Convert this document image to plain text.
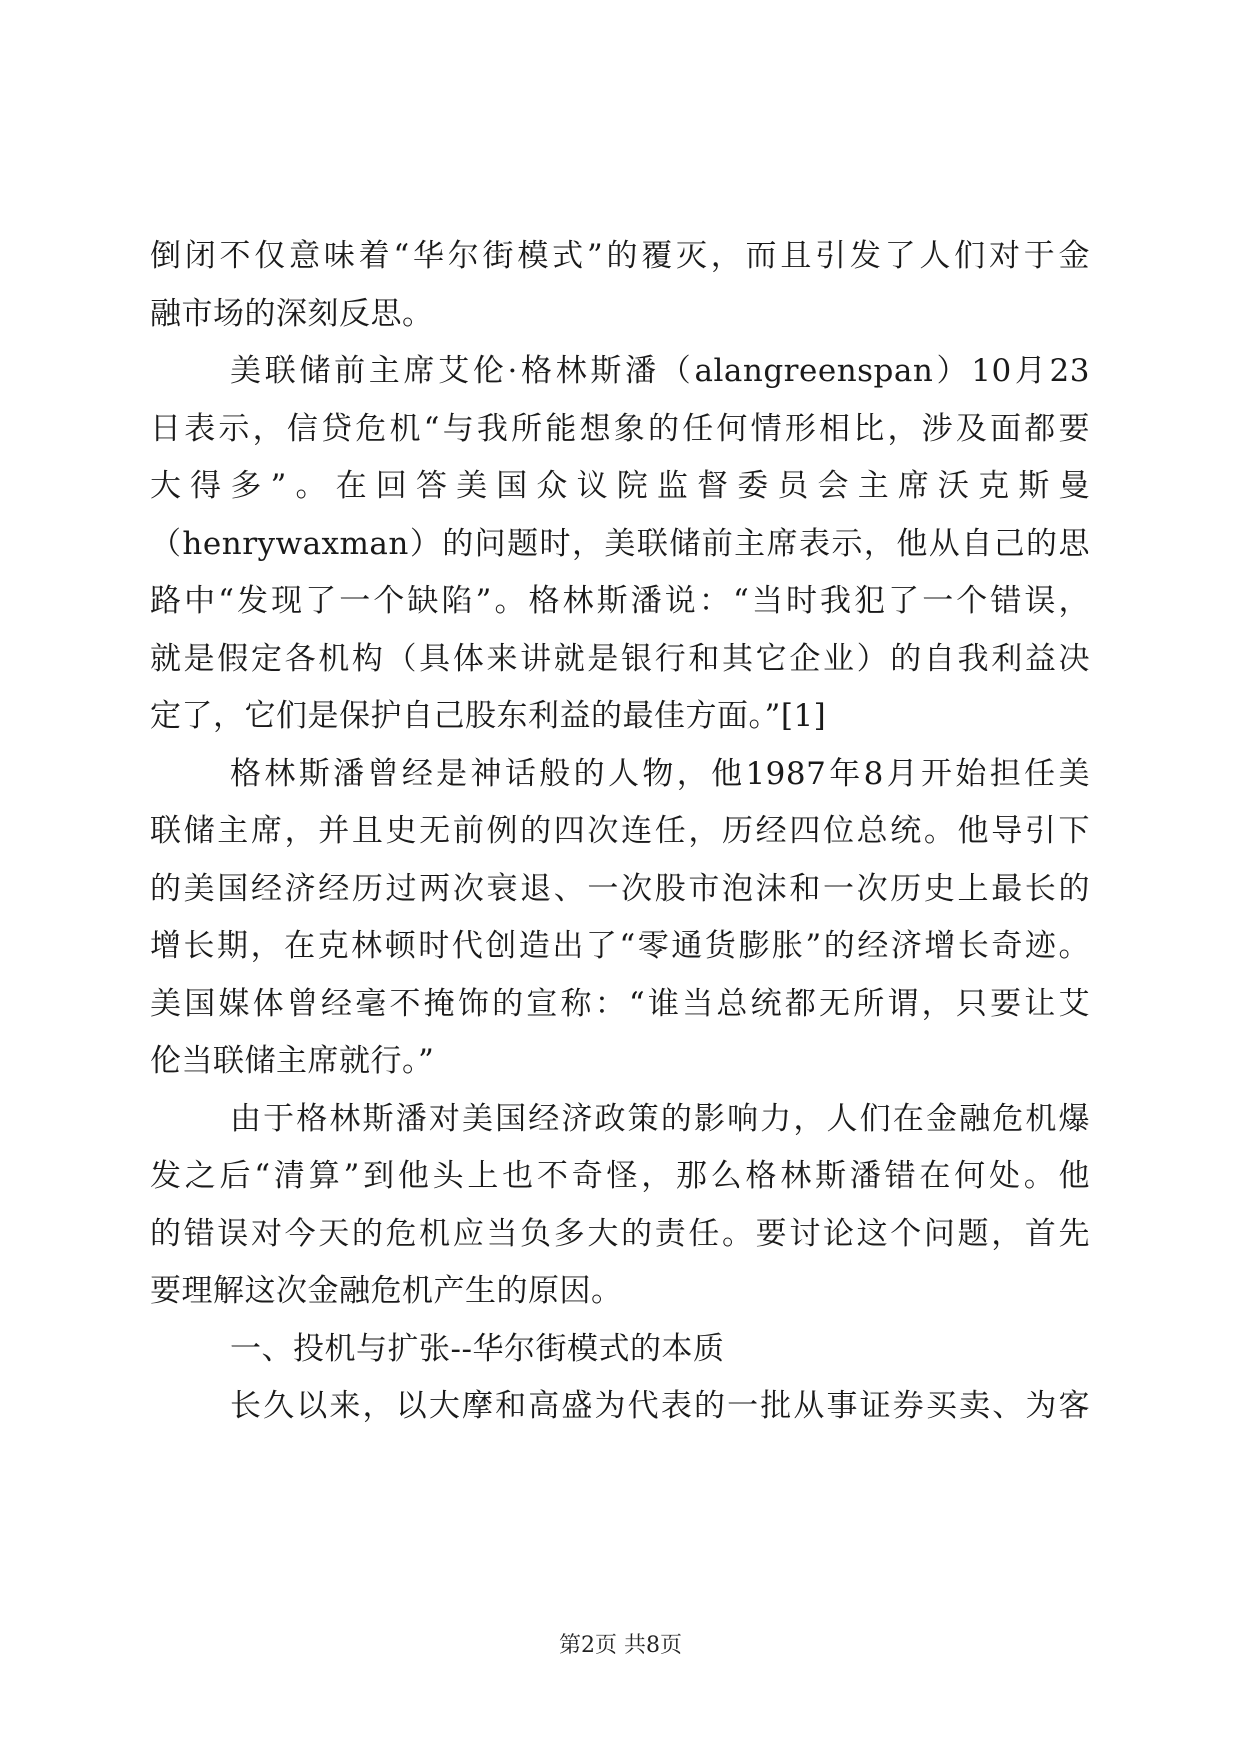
倒闭不仅意味着“华尔街模式”的覆灭，而且引发了人们对于金
融市场的深刻反思。
美联储前主席艾伦·格林斯潘（alangreenspan）10月23
日表示，信贷危机“与我所能想象的任何情形相比，涉及面都要
大得多”。在回答美国众议院监督委员会主席沃克斯曼
（henrywaxman）的问题时，美联储前主席表示，他从自己的思
路中“发现了一个缺陷”。格林斯潘说：“当时我犯了一个错误，
就是假定各机构（具体来讲就是银行和其它企业）的自我利益决
定了，它们是保护自己股东利益的最佳方面。”[1]
格林斯潘曾经是神话般的人物，他1987年8月开始担任美
联储主席，并且史无前例的四次连任，历经四位总统。他导引下
的美国经济经历过两次衰退、一次股市泡沫和一次历史上最长的
增长期，在克林顿时代创造出了“零通货膨胀”的经济增长奇迹。
美国媒体曾经毫不掩饰的宣称：“谁当总统都无所谓，只要让艾
伦当联储主席就行。”
由于格林斯潘对美国经济政策的影响力，人们在金融危机爆
发之后“清算”到他头上也不奇怪，那么格林斯潘错在何处。他
的错误对今天的危机应当负多大的责任。要讨论这个问题，首先
要理解这次金融危机产生的原因。
一、投机与扩张--华尔街模式的本质
长久以来，以大摩和高盛为代表的一批从事证券买卖、为客
第2页 共8页
